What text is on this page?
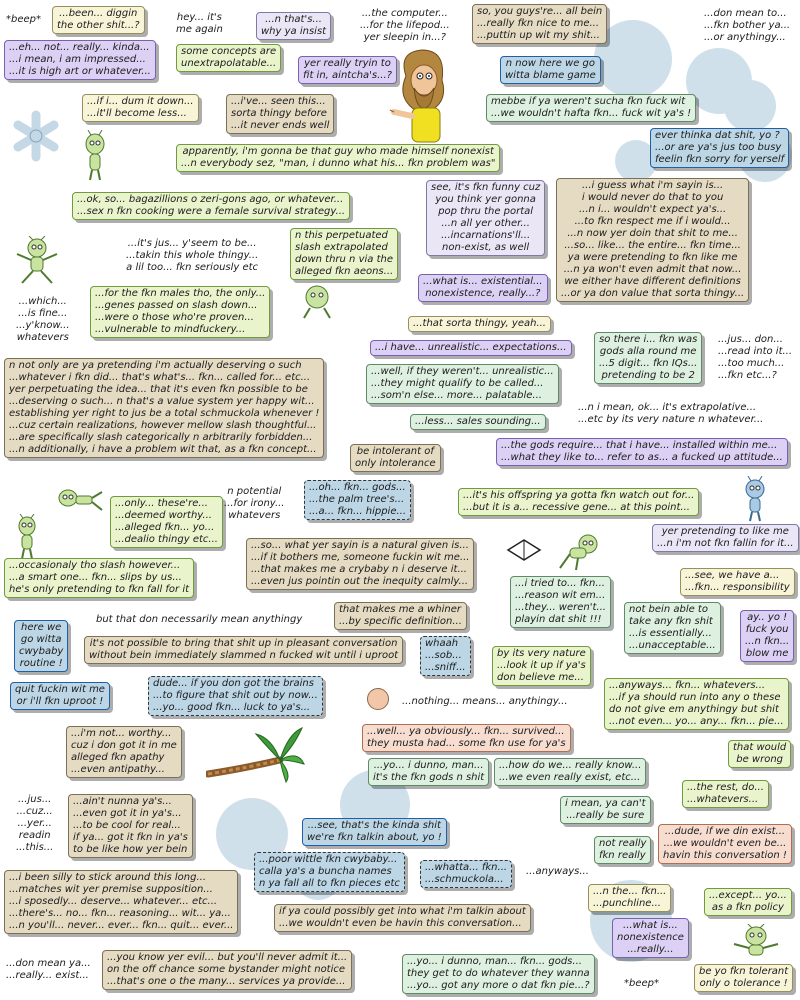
*beep*
...been... diggin
the other shit...?
hey... it's
me again
...n that's...
why ya insist
...the computer...
...for the lifepod...
yer sleepin in...?
so, you guys're... all bein
...really fkn nice to me...
...puttin up wit my shit...
...don mean to...
...fkn bother ya...
...or anythingy...
...eh... not... really... kinda...
...i mean, i am impressed...
...it is high art or whatever...
some concepts are
unextrapolatable...	yer really tryin to
fit in, aintcha's...?
n now here we go
witta blame game
...if i... dum it down...
...it'll become less...
...i've... seen this...
sorta thingy before
...it never ends well
mebbe if ya weren't sucha fkn fuck wit
...we wouldn't hafta fkn... fuck wit ya's !
ever thinka dat shit, yo ?
...or are ya's jus too busy
feelin fkn sorry for yerself
apparently, i'm gonna be that guy who made himself nonexist
...n everybody sez, "man, i dunno what his... fkn problem was"
see, it's fkn funny cuz
you think yer gonna
pop thru the portal
...n all yer other...
...incarnations'll...
non-exist, as well
...i guess what i'm sayin is...
i would never do that to you
...n i... wouldn't expect ya's...
...to fkn respect me if i would...
...n now yer doin that shit to me...
...so... like... the entire... fkn time...
ya were pretending to fkn like me
...n ya won't even admit that now...
we either have different definitions
...or ya don value that sorta thingy...
...ok, so... bagazillions o zeri-gons ago, or whatever...
...sex n fkn cooking were a female survival strategy...
...it's jus... y'seem to be...
...takin this whole thingy...
a lil too... fkn seriously etc
n this perpetuated
slash extrapolated
down thru n via the
alleged fkn aeons...
...what is... existential...
nonexistence, really...?
...which...
...is fine...
...y'know...
whatevers
...for the fkn males tho, the only...
...genes passed on slash down...
...were o those who're proven...
...vulnerable to mindfuckery...
...that sorta thingy, yeah...
so there i... fkn was
gods alla round me
...5 digit... fkn IQs...
pretending to be 2
...jus... don...
...read into it...
...too much...
...fkn etc...?
...i have... unrealistic... expectations...
n not only are ya pretending i'm actually deserving o such
...whatever i fkn did... that's what's... fkn... called for... etc...
yer perpetuating the idea... that it's even fkn possible to be
...deserving o such... n that's a value system yer happy wit...
establishing yer right to jus be a total schmuckola whenever !
...cuz certain realizations, however mellow slash thoughtful...
...are specifically slash categorically n arbitrarily forbidden...
...n additionally, i have a problem wit that, as a fkn concept...
...well, if they weren't... unrealistic...
...they might qualify to be called...
...som'n else... more... palatable...
...n i mean, ok... it's extrapolative...
...etc by its very nature n whatever...
...less... sales sounding...
...the gods require... that i have... installed within me...
...what they like to... refer to as... a fucked up attitude...
be intolerant of
only intolerance
n potential
...for irony...
whatevers
...oh... fkn... gods...
...the palm tree's...
...a... fkn... hippie...
...only... these're...
...deemed worthy...
...alleged fkn... yo...
...dealio thingy etc...
...it's his offspring ya gotta fkn watch out for...
...but it is a... recessive gene... at this point...
yer pretending to like me
...n i'm not fkn fallin for it...
...so... what yer sayin is a natural given is...
...if it bothers me, someone fuckin wit me...
...that makes me a crybaby n i deserve it...
...even jus pointin out the inequity calmly...
...occasionaly tho slash however...
...a smart one... fkn... slips by us...
he's only pretending to fkn fall for it
...i tried to... fkn...
...reason wit em...
...they... weren't...
playin dat shit !!!
...see, we have a...
...fkn... responsibility
not bein able to
take any fkn shit
...is essentially...
...unacceptable...
ay.. yo !
fuck you
...n fkn...
blow me
but that don necessarily mean anythingy
that makes me a whiner
...by specific definition...
here we
go witta
cwybaby
routine !
it's not possible to bring that shit up in pleasant conversation
without bein immediately slammed n fucked wit until i uproot
whaah
...sob...
...sniff...
by its very nature
...look it up if ya's
don believe me...
quit fuckin wit me
or i'll fkn uproot !
dude... if you don got the brains
...to figure that shit out by now...
...yo... good fkn... luck to ya's...
...nothing... means... anythingy...
...anyways... fkn... whatevers...
...if ya should run into any o these
do not give em anythingy but shit
...not even... yo... any... fkn... pie...
...i'm not... worthy...
cuz i don got it in me
alleged fkn apathy
...even antipathy...
...well... ya obviously... fkn... survived...
they musta had... some fkn use for ya's	that would
be wrong
...yo... i dunno, man...
it's the fkn gods n shit
...how do we... really know...
...we even really exist, etc...
...the rest, do...
...whatevers...
...jus...
...cuz...
...yer...
readin
...this...
...ain't nunna ya's...
...even got it in ya's...
...to be cool for real...
if ya... got it fkn in ya's
to be like how yer bein
i mean, ya can't
...really be sure
...see, that's the kinda shit
we're fkn talkin about, yo !
...dude, if we din exist...
...we wouldn't even be...
havin this conversation !
not really
fkn really
...poor wittle fkn cwybaby...
calla ya's a buncha names
n ya fall all to fkn pieces etc
...whatta... fkn...
...schmuckola...
...anyways...
...i been silly to stick around this long...
...matches wit yer premise supposition...
...i sposedly... deserve... whatever... etc...
...there's... no... fkn... reasoning... wit... ya...
...n you'll... never... ever... fkn... quit... ever...
...n the... fkn...
...punchline...
...except... yo...
as a fkn policy
if ya could possibly get into what i'm talkin about
...we wouldn't even be havin this conversation...	...what is...
nonexistence
...really...
...don mean ya...
...really... exist...
...you know yer evil... but you'll never admit it...
on the off chance some bystander might notice
...that's one o the many... services ya provide...
...yo... i dunno, man... fkn... gods...
they get to do whatever they wanna
...yo... got any more o dat fkn pie...?	*beep*
be yo fkn tolerant
only o tolerance !
